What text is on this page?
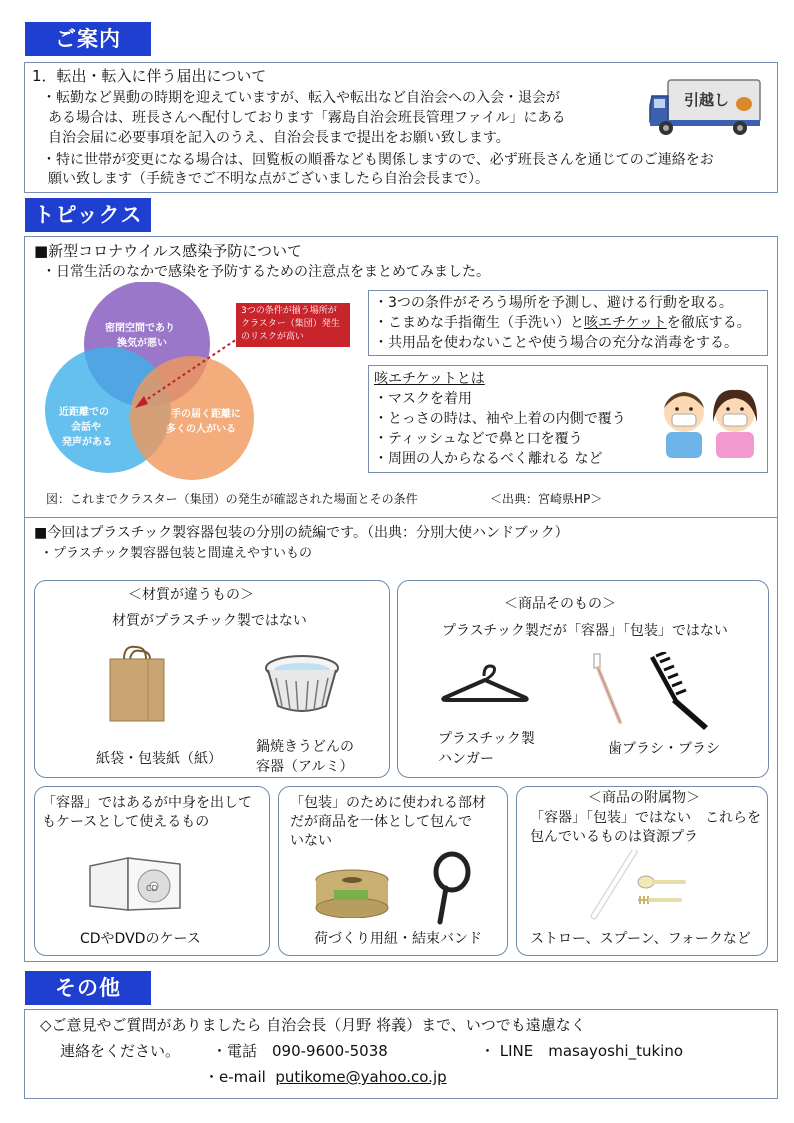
ご案内
1．転出・転入に伴う届出について
・転勤など異動の時期を迎えていますが、転入や転出など自治会への入会・退会が
ある場合は、班長さんへ配付しております「霧島自治会班長管理ファイル」にある
自治会届に必要事項を記入のうえ、自治会長まで提出をお願い致します。
・特に世帯が変更になる場合は、回覧板の順番なども関係しますので、必ず班長さんを通じてのご連絡をお
願い致します（手続きでご不明な点がございましたら自治会長まで）。
引越し
トピックス
■新型コロナウイルス感染予防について
・日常生活のなかで感染を予防するための注意点をまとめてみました。
3つの条件が揃う場所が
クラスター（集団）発生
のリスクが高い
密閉空間であり
換気が悪い
近距離での
会話や
発声がある
手の届く距離に
多くの人がいる
図：これまでクラスター（集団）の発生が確認された場面とその条件	＜出典：宮崎県HP＞
・3つの条件がそろう場所を予測し、避ける行動を取る。
・こまめな手指衛生（手洗い）と咳エチケットを徹底する。
・共用品を使わないことや使う場合の充分な消毒をする。
咳エチケットとは
・マスクを着用
・とっさの時は、袖や上着の内側で覆う
・ティッシュなどで鼻と口を覆う
・周囲の人からなるべく離れる など
■今回はプラスチック製容器包装の分別の続編です。（出典：分別大使ハンドブック）
・プラスチック製容器包装と間違えやすいもの
＜材質が違うもの＞
材質がプラスチック製ではない
紙袋・包装紙（紙）
鍋焼きうどんの
容器（アルミ）
＜商品そのもの＞
プラスチック製だが「容器」「包装」ではない
プラスチック製
ハンガー
歯ブラシ・ブラシ
「容器」ではあるが中身を出して
もケースとして使えるもの
CD
CDやDVDのケース
「包装」のために使われる部材
だが商品を一体として包んで
いない
荷づくり用紐・結束バンド
＜商品の附属物＞
「容器」「包装」ではない　これらを
包んでいるものは資源プラ
ストロー、スプーン、フォークなど
その他
◇ご意見やご質問がありましたら 自治会長（月野 将義）まで、いつでも遠慮なく
連絡をください。 ・電話　090-9600-5038	・ LINE　masayoshi_tukino
・e-mail putikome@yahoo.co.jp
